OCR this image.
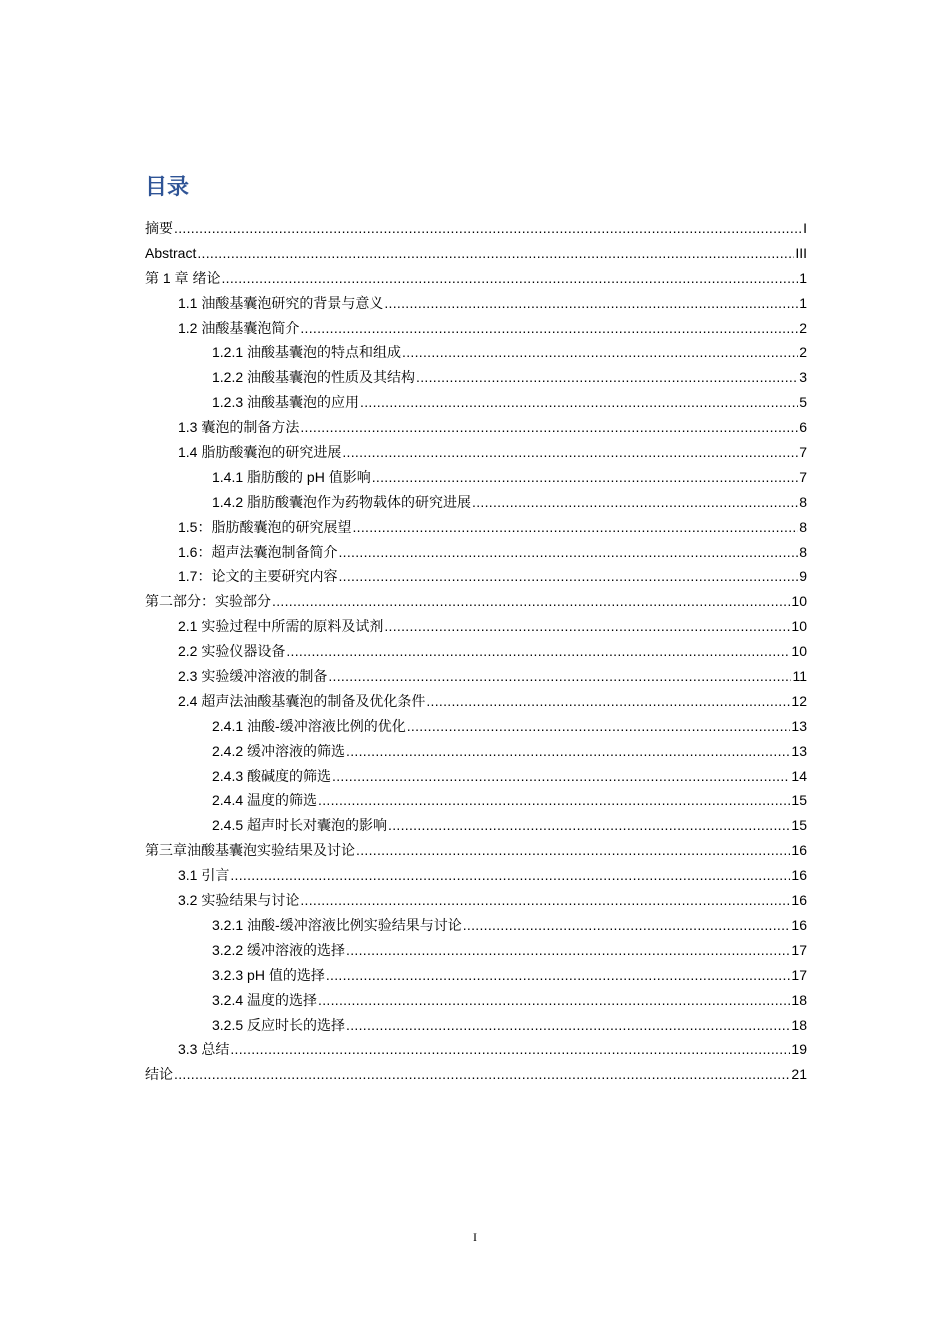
目录
摘要 .....	I
Abstract .....	III
第 1 章 绪论 .....	1
1.1 油酸基囊泡研究的背景与意义 .....	1
1.2 油酸基囊泡简介 .....	2
1.2.1 油酸基囊泡的特点和组成 .....	2
1.2.2 油酸基囊泡的性质及其结构 .....	3
1.2.3 油酸基囊泡的应用 .....	5
1.3 囊泡的制备方法 .....	6
1.4 脂肪酸囊泡的研究进展 .....	7
1.4.1 脂肪酸的 pH 值影响 .....	7
1.4.2 脂肪酸囊泡作为药物载体的研究进展 .....	8
1.5：脂肪酸囊泡的研究展望 .....	8
1.6：超声法囊泡制备简介 .....	8
1.7：论文的主要研究内容 .....	9
第二部分：实验部分 .....	10
2.1 实验过程中所需的原料及试剂 .....	10
2.2 实验仪器设备 .....	10
2.3 实验缓冲溶液的制备 .....	11
2.4 超声法油酸基囊泡的制备及优化条件 .....	12
2.4.1 油酸-缓冲溶液比例的优化 .....	13
2.4.2 缓冲溶液的筛选 .....	13
2.4.3 酸碱度的筛选 .....	14
2.4.4 温度的筛选 .....	15
2.4.5 超声时长对囊泡的影响 .....	15
第三章油酸基囊泡实验结果及讨论 .....	16
3.1 引言 .....	16
3.2 实验结果与讨论 .....	16
3.2.1 油酸-缓冲溶液比例实验结果与讨论 .....	16
3.2.2 缓冲溶液的选择 .....	17
3.2.3 pH 值的选择 .....	17
3.2.4 温度的选择 .....	18
3.2.5 反应时长的选择 .....	18
3.3 总结 .....	19
结论 .....	21
I
